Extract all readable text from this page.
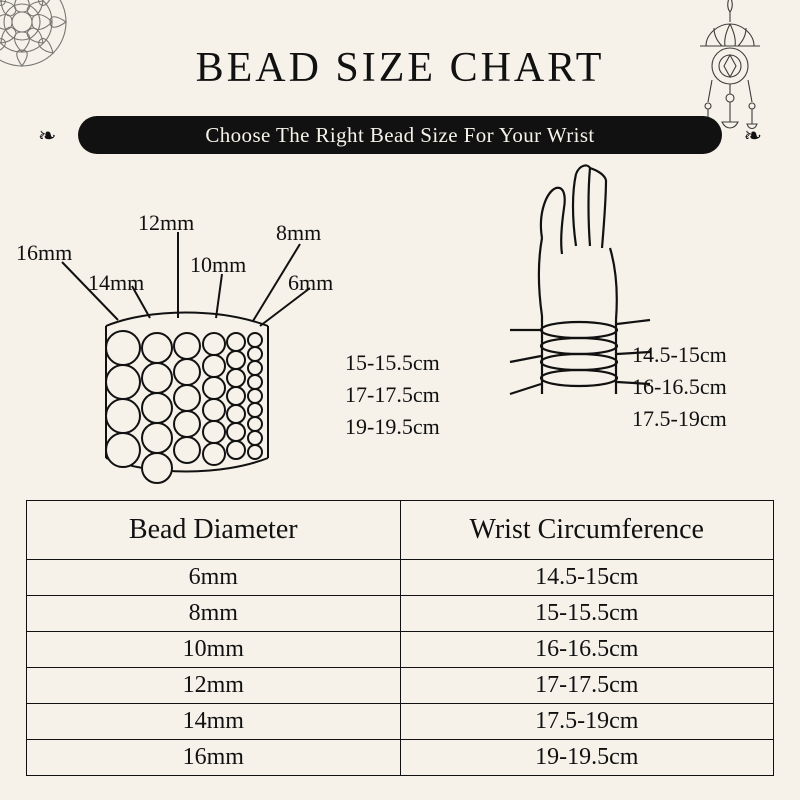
BEAD SIZE CHART
❧	Choose The Right Bead Size For Your Wrist	❧
16mm
14mm
12mm
10mm
8mm
6mm
15-15.5cm
17-17.5cm
19-19.5cm
14.5-15cm
16-16.5cm
17.5-19cm
Bead Diameter	Wrist Circumference
6mm	14.5-15cm
8mm	15-15.5cm
10mm	16-16.5cm
12mm	17-17.5cm
14mm	17.5-19cm
16mm	19-19.5cm
